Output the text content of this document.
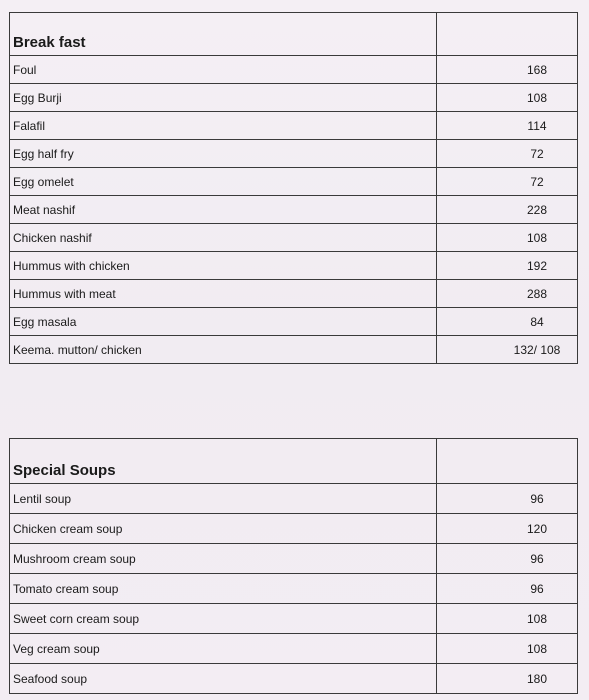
Break fast	
Foul	168
Egg Burji	108
Falafil	114
Egg half fry	72
Egg omelet	72
Meat nashif	228
Chicken nashif	108
Hummus with chicken	192
Hummus with meat	288
Egg masala	84
Keema. mutton/ chicken	132/ 108
Special Soups	
Lentil soup	96
Chicken cream soup	120
Mushroom cream soup	96
Tomato cream soup	96
Sweet corn cream soup	108
Veg cream soup	108
Seafood soup	180
